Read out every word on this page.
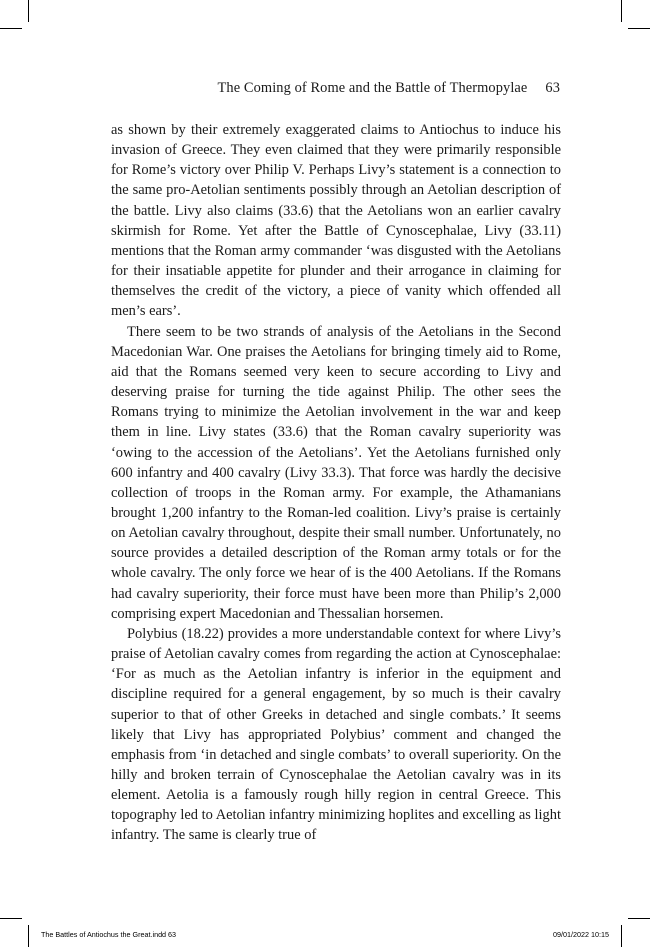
The Coming of Rome and the Battle of Thermopylae 63

as shown by their extremely exaggerated claims to Antiochus to induce his invasion of Greece. They even claimed that they were primarily responsible for Rome’s victory over Philip V. Perhaps Livy’s statement is a connection to the same pro-Aetolian sentiments possibly through an Aetolian description of the battle. Livy also claims (33.6) that the Aetolians won an earlier cavalry skirmish for Rome. Yet after the Battle of Cynoscephalae, Livy (33.11) mentions that the Roman army commander ‘was disgusted with the Aetolians for their insatiable appetite for plunder and their arrogance in claiming for themselves the credit of the victory, a piece of vanity which offended all men’s ears’.

There seem to be two strands of analysis of the Aetolians in the Second Macedonian War. One praises the Aetolians for bringing timely aid to Rome, aid that the Romans seemed very keen to secure according to Livy and deserving praise for turning the tide against Philip. The other sees the Romans trying to minimize the Aetolian involvement in the war and keep them in line. Livy states (33.6) that the Roman cavalry superiority was ‘owing to the accession of the Aetolians’. Yet the Aetolians furnished only 600 infantry and 400 cavalry (Livy 33.3). That force was hardly the decisive collection of troops in the Roman army. For example, the Athamanians brought 1,200 infantry to the Roman-led coalition. Livy’s praise is certainly on Aetolian cavalry throughout, despite their small number. Unfortunately, no source provides a detailed description of the Roman army totals or for the whole cavalry. The only force we hear of is the 400 Aetolians. If the Romans had cavalry superiority, their force must have been more than Philip’s 2,000 comprising expert Macedonian and Thessalian horsemen.

Polybius (18.22) provides a more understandable context for where Livy’s praise of Aetolian cavalry comes from regarding the action at Cynoscephalae: ‘For as much as the Aetolian infantry is inferior in the equipment and discipline required for a general engagement, by so much is their cavalry superior to that of other Greeks in detached and single combats.’ It seems likely that Livy has appropriated Polybius’ comment and changed the emphasis from ‘in detached and single combats’ to overall superiority. On the hilly and broken terrain of Cynoscephalae the Aetolian cavalry was in its element. Aetolia is a famously rough hilly region in central Greece. This topography led to Aetolian infantry minimizing hoplites and excelling as light infantry. The same is clearly true of

The Battles of Antiochus the Great.indd 63	09/01/2022 10:15
